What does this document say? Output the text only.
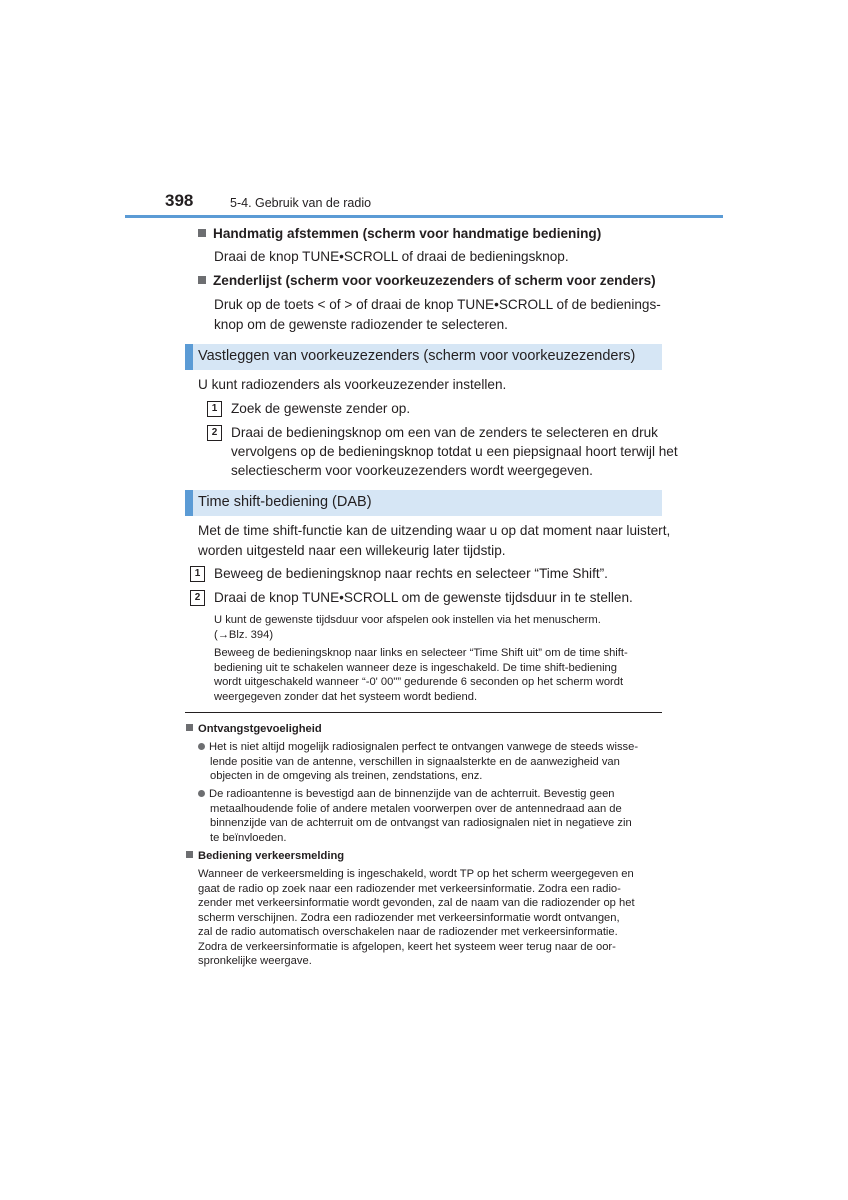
398	5-4. Gebruik van de radio
Handmatig afstemmen (scherm voor handmatige bediening)
Draai de knop TUNE•SCROLL of draai de bedieningsknop.
Zenderlijst (scherm voor voorkeuzezenders of scherm voor zenders)
Druk op de toets < of > of draai de knop TUNE•SCROLL of de bedienings-
knop om de gewenste radiozender te selecteren.
Vastleggen van voorkeuzezenders (scherm voor voorkeuzezenders)
U kunt radiozenders als voorkeuzezender instellen.
1	Zoek de gewenste zender op.
2	Draai de bedieningsknop om een van de zenders te selecteren en druk
vervolgens op de bedieningsknop totdat u een piepsignaal hoort terwijl het
selectiescherm voor voorkeuzezenders wordt weergegeven.
Time shift-bediening (DAB)
Met de time shift-functie kan de uitzending waar u op dat moment naar luistert,
worden uitgesteld naar een willekeurig later tijdstip.
1	Beweeg de bedieningsknop naar rechts en selecteer “Time Shift”.
2	Draai de knop TUNE•SCROLL om de gewenste tijdsduur in te stellen.
U kunt de gewenste tijdsduur voor afspelen ook instellen via het menuscherm.
(→Blz. 394)
Beweeg de bedieningsknop naar links en selecteer “Time Shift uit” om de time shift-
bediening uit te schakelen wanneer deze is ingeschakeld. De time shift-bediening
wordt uitgeschakeld wanneer “-0' 00"” gedurende 6 seconden op het scherm wordt
weergegeven zonder dat het systeem wordt bediend.
Ontvangstgevoeligheid
Het is niet altijd mogelijk radiosignalen perfect te ontvangen vanwege de steeds wisse-
lende positie van de antenne, verschillen in signaalsterkte en de aanwezigheid van
objecten in de omgeving als treinen, zendstations, enz.
De radioantenne is bevestigd aan de binnenzijde van de achterruit. Bevestig geen
metaalhoudende folie of andere metalen voorwerpen over de antennedraad aan de
binnenzijde van de achterruit om de ontvangst van radiosignalen niet in negatieve zin
te beïnvloeden.
Bediening verkeersmelding
Wanneer de verkeersmelding is ingeschakeld, wordt TP op het scherm weergegeven en
gaat de radio op zoek naar een radiozender met verkeersinformatie. Zodra een radio-
zender met verkeersinformatie wordt gevonden, zal de naam van die radiozender op het
scherm verschijnen. Zodra een radiozender met verkeersinformatie wordt ontvangen,
zal de radio automatisch overschakelen naar de radiozender met verkeersinformatie.
Zodra de verkeersinformatie is afgelopen, keert het systeem weer terug naar de oor-
spronkelijke weergave.
